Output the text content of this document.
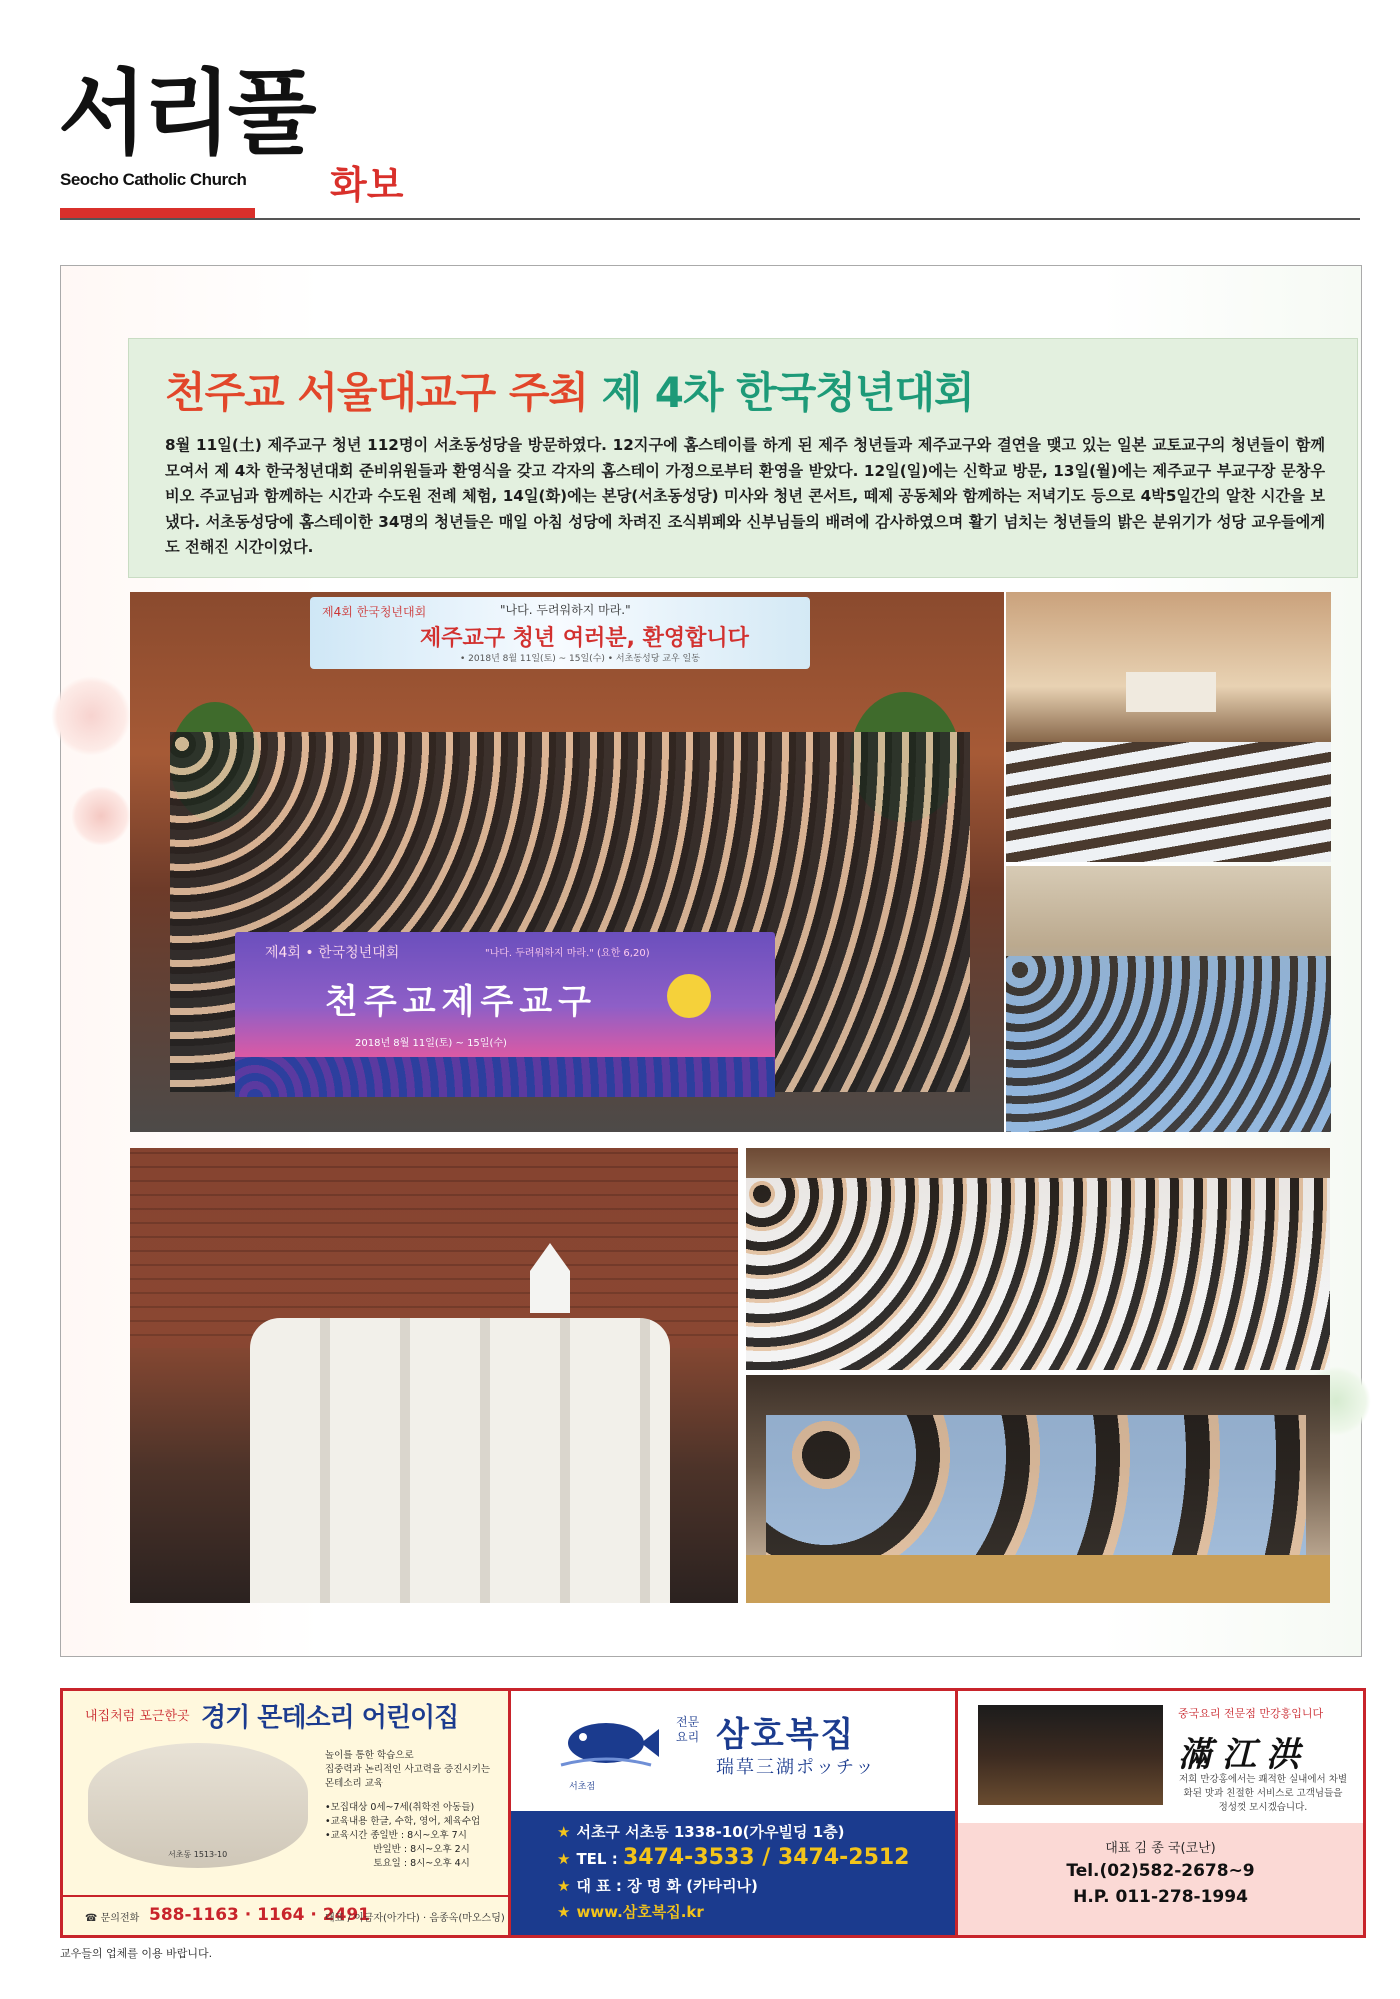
서리풀
Seocho Catholic Church 화보
천주교 서울대교구 주최 제 4차 한국청년대회
8월 11일(土) 제주교구 청년 112명이 서초동성당을 방문하였다. 12지구에 홈스테이를 하게 된 제주 청년들과 제주교구와 결연을 맺고 있는 일본 교토교구의 청년들이 함께 모여서 제 4차 한국청년대회 준비위원들과 환영식을 갖고 각자의 홈스테이 가정으로부터 환영을 받았다. 12일(일)에는 신학교 방문, 13일(월)에는 제주교구 부교구장 문창우 비오 주교님과 함께하는 시간과 수도원 전례 체험, 14일(화)에는 본당(서초동성당) 미사와 청년 콘서트, 떼제 공동체와 함께하는 저녁기도 등으로 4박5일간의 알찬 시간을 보냈다. 서초동성당에 홈스테이한 34명의 청년들은 매일 아침 성당에 차려진 조식뷔페와 신부님들의 배려에 감사하였으며 활기 넘치는 청년들의 밝은 분위기가 성당 교우들에게도 전해진 시간이었다.
제4회 한국청년대회	"나다. 두려워하지 마라."
제주교구 청년 여러분, 환영합니다
• 2018년 8월 11일(토) ~ 15일(수) • 서초동성당 교우 일동
제4회 • 한국청년대회	"나다. 두려워하지 마라." (요한 6,20)
천주교제주교구
2018년 8월 11일(토) ~ 15일(수)
내집처럼 포근한곳 경기 몬테소리 어린이집
서초동 1513-10
놀이를 통한 학습으로
집중력과 논리적인 사고력을 증진시키는
몬테소리 교육
•모집대상 0세~7세(취학전 아동들)
•교육내용 한글, 수학, 영어, 체육수업
•교육시간 종일반 : 8시~오후 7시
반일반 : 8시~오후 2시
토요일 : 8시~오후 4시
☎ 문의전화 588-1163 · 1164 · 2491
대표 / 이금자(아가다) · 음종옥(마오스딩)
서초점
전문요리 삼호복집
瑞草三湖ポッチッ
★ 서초구 서초동 1338-10(가우빌딩 1층)
★ TEL : 3474-3533 / 3474-2512
★ 대 표 : 장 명 화 (카타리나)
★ www.삼호복집.kr
중국요리 전문점 만강홍입니다
滿江洪
저희 만강홍에서는 쾌적한 실내에서 차별화된 맛과 친절한 서비스로 고객님들을 정성껏 모시겠습니다.
대표 김 종 국(코난)
Tel.(02)582-2678~9
H.P. 011-278-1994
교우들의 업체를 이용 바랍니다.
